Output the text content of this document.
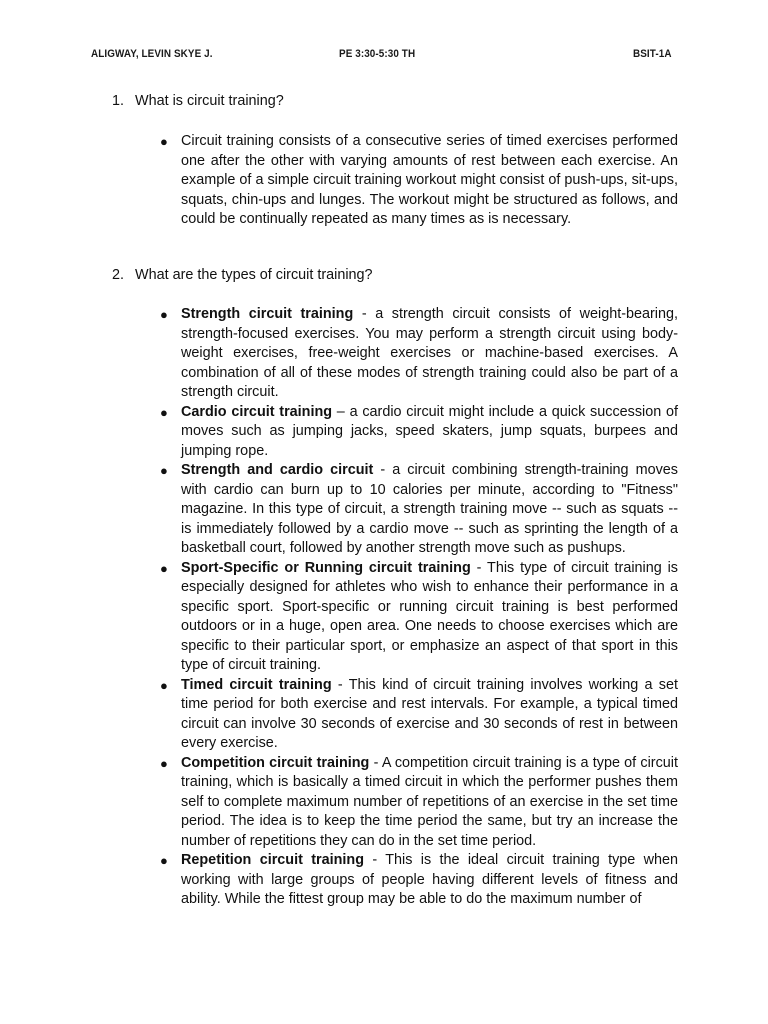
ALIGWAY, LEVIN SKYE J.	PE 3:30-5:30 TH	BSIT-1A
1. What is circuit training?
● Circuit training consists of a consecutive series of timed exercises performed one after the other with varying amounts of rest between each exercise. An example of a simple circuit training workout might consist of push-ups, sit-ups, squats, chin-ups and lunges. The workout might be structured as follows, and could be continually repeated as many times as is necessary.
2. What are the types of circuit training?
● Strength circuit training - a strength circuit consists of weight-bearing, strength-focused exercises. You may perform a strength circuit using body-weight exercises, free-weight exercises or machine-based exercises. A combination of all of these modes of strength training could also be part of a strength circuit.
● Cardio circuit training – a cardio circuit might include a quick succession of moves such as jumping jacks, speed skaters, jump squats, burpees and jumping rope.
● Strength and cardio circuit - a circuit combining strength-training moves with cardio can burn up to 10 calories per minute, according to "Fitness" magazine. In this type of circuit, a strength training move -- such as squats -- is immediately followed by a cardio move -- such as sprinting the length of a basketball court, followed by another strength move such as pushups.
● Sport-Specific or Running circuit training - This type of circuit training is especially designed for athletes who wish to enhance their performance in a specific sport. Sport-specific or running circuit training is best performed outdoors or in a huge, open area. One needs to choose exercises which are specific to their particular sport, or emphasize an aspect of that sport in this type of circuit training.
● Timed circuit training - This kind of circuit training involves working a set time period for both exercise and rest intervals. For example, a typical timed circuit can involve 30 seconds of exercise and 30 seconds of rest in between every exercise.
● Competition circuit training - A competition circuit training is a type of circuit training, which is basically a timed circuit in which the performer pushes them self to complete maximum number of repetitions of an exercise in the set time period. The idea is to keep the time period the same, but try an increase the number of repetitions they can do in the set time period.
● Repetition circuit training - This is the ideal circuit training type when working with large groups of people having different levels of fitness and ability. While the fittest group may be able to do the maximum number of
